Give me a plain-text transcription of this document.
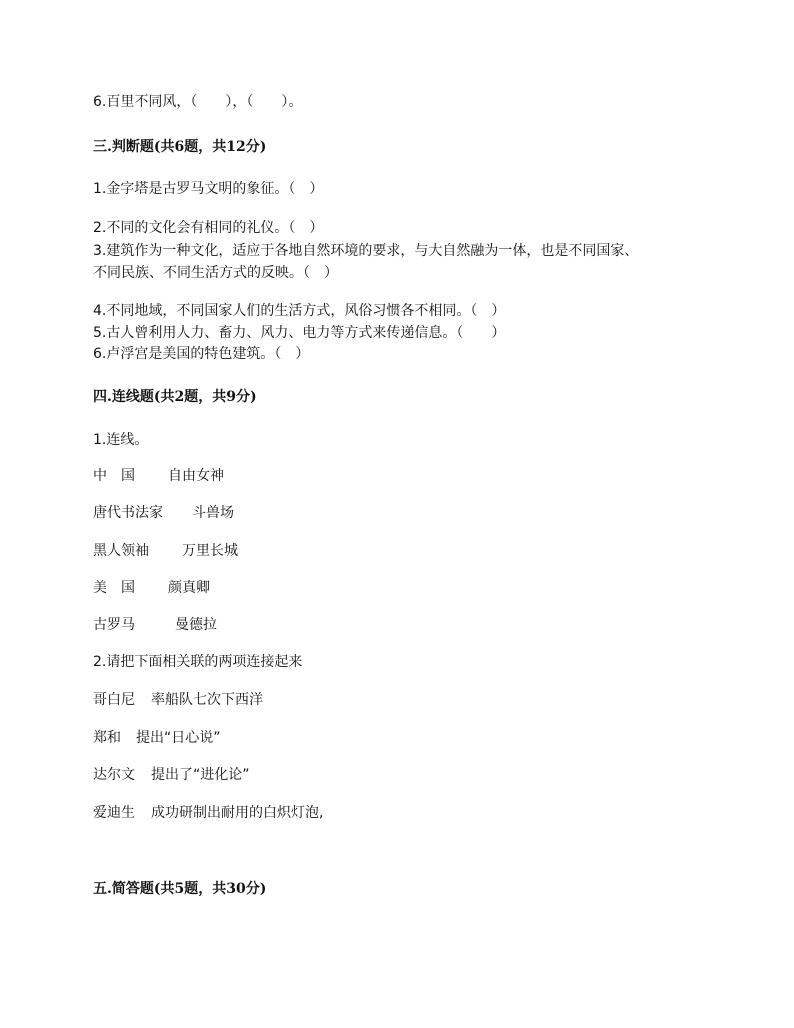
6.百里不同风，（　　），（　　）。
三.判断题(共6题，共12分)
1.金字塔是古罗马文明的象征。（　）
2.不同的文化会有相同的礼仪。（　）
3.建筑作为一种文化，适应于各地自然环境的要求，与大自然融为一体，也是不同国家、
不同民族、不同生活方式的反映。（　）
4.不同地域，不同国家人们的生活方式，风俗习惯各不相同。（　）
5.古人曾利用人力、畜力、风力、电力等方式来传递信息。（　　）
6.卢浮宫是美国的特色建筑。（　）
四.连线题(共2题，共9分)
1.连线。
中　国 自由女神
唐代书法家 斗兽场
黑人领袖 万里长城
美　国 颜真卿
古罗马	曼德拉
2.请把下面相关联的两项连接起来
哥白尼 率船队七次下西洋
郑和 提出“日心说”
达尔文 提出了“进化论”
爱迪生 成功研制出耐用的白炽灯泡,
五.简答题(共5题，共30分)
